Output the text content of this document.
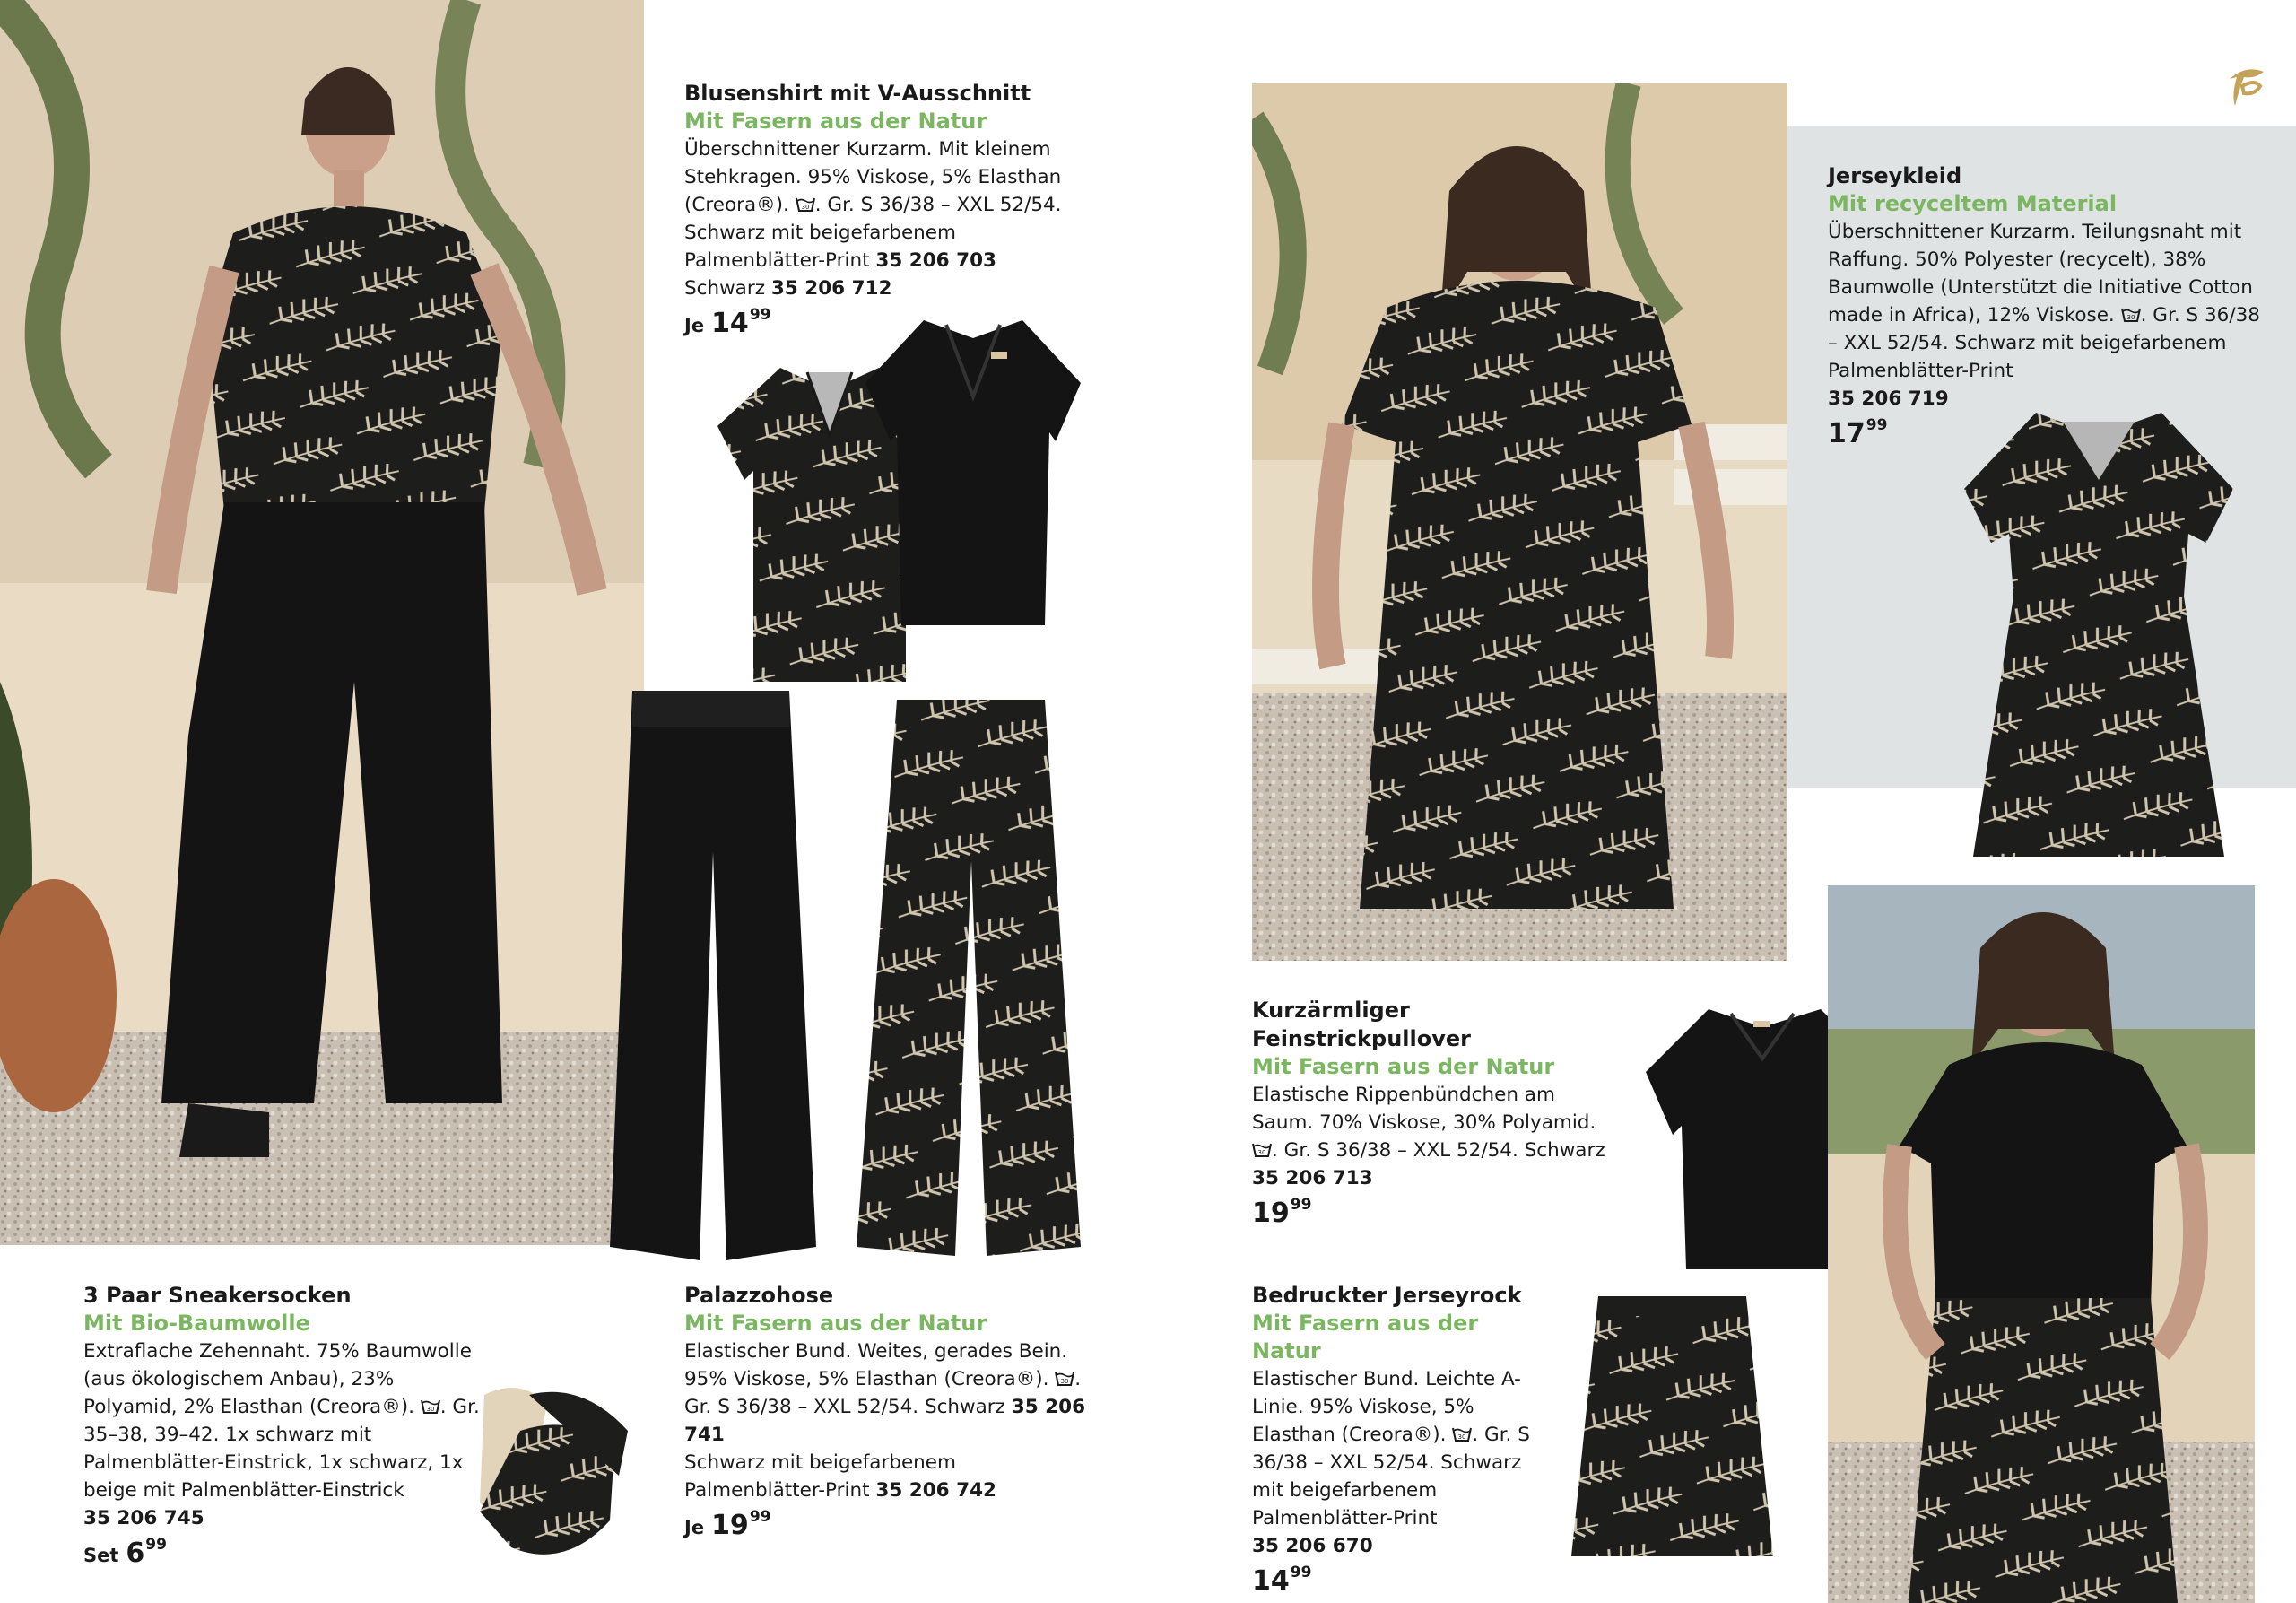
Blusenshirt mit V-Ausschnitt
Mit Fasern aus der Natur
Überschnittener Kurzarm. Mit kleinem Stehkragen. 95% Viskose, 5% Elasthan (Creora®). 30 . Gr. S 36/38 – XXL 52/54. Schwarz mit beigefarbenem Palmenblätter-Print 35 206 703
Schwarz 35 206 712
Je $14^{99}$
3 Paar Sneakersocken
Mit Bio-Baumwolle
Extraflache Zehennaht. 75% Baumwolle (aus ökologischem Anbau), 23% Polyamid, 2% Elasthan (Creora®). 30 . Gr. 35–38, 39–42. 1x schwarz mit Palmenblätter-Einstrick, 1x schwarz, 1x beige mit Palmenblätter-Einstrick
35 206 745
Set $6^{99}$
Palazzohose
Mit Fasern aus der Natur
Elastischer Bund. Weites, gerades Bein. 95% Viskose, 5% Elasthan (Creora®). 30 . Gr. S 36/38 – XXL 52/54. Schwarz 35 206 741
Schwarz mit beigefarbenem Palmenblätter-Print 35 206 742
Je $19^{99}$
Jerseykleid
Mit recyceltem Material
Überschnittener Kurzarm. Teilungsnaht mit Raffung. 50% Polyester (recycelt), 38% Baumwolle (Unterstützt die Initiative Cotton made in Africa), 12% Viskose. 30 . Gr. S 36/38 – XXL 52/54. Schwarz mit beigefarbenem Palmenblätter-Print
35 206 719
$17^{99}$
Kurzärmliger Feinstrickpullover
Mit Fasern aus der Natur
Elastische Rippenbündchen am Saum. 70% Viskose, 30% Polyamid.
30 . Gr. S 36/38 – XXL 52/54. Schwarz
35 206 713
$19^{99}$
Bedruckter Jerseyrock
Mit Fasern aus der Natur
Elastischer Bund. Leichte A-Linie. 95% Viskose, 5% Elasthan (Creora®). 30 . Gr. S 36/38 – XXL 52/54. Schwarz mit beigefarbenem Palmenblätter-Print
35 206 670
$14^{99}$
